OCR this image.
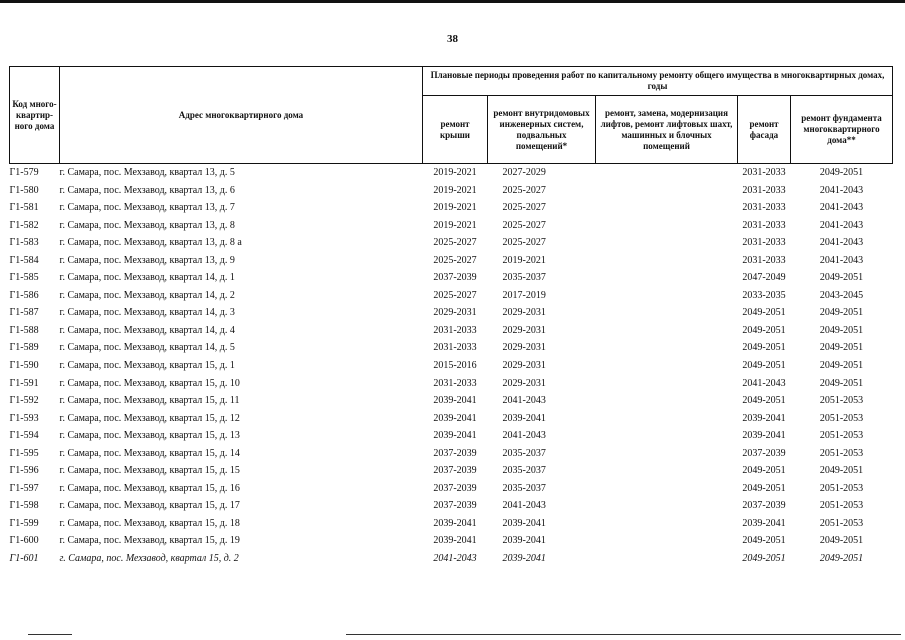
38
Код много-квартир-ного дома	Адрес многоквартирного дома	Плановые периоды проведения работ по капитальному ремонту общего имущества в многоквартирных домах, годы				
		ремонт крыши	ремонт внутридомовых инженерных систем, подвальных помещений*	ремонт, замена, модернизация лифтов, ремонт лифтовых шахт, машинных и блочных помещений	ремонт фасада	ремонт фундамента многоквартирного дома**
Г1-579	г. Самара, пос. Мехзавод, квартал 13, д. 5	2019-2021	2027-2029		2031-2033	2049-2051
Г1-580	г. Самара, пос. Мехзавод, квартал 13, д. 6	2019-2021	2025-2027		2031-2033	2041-2043
Г1-581	г. Самара, пос. Мехзавод, квартал 13, д. 7	2019-2021	2025-2027		2031-2033	2041-2043
Г1-582	г. Самара, пос. Мехзавод, квартал 13, д. 8	2019-2021	2025-2027		2031-2033	2041-2043
Г1-583	г. Самара, пос. Мехзавод, квартал 13, д. 8 а	2025-2027	2025-2027		2031-2033	2041-2043
Г1-584	г. Самара, пос. Мехзавод, квартал 13, д. 9	2025-2027	2019-2021		2031-2033	2041-2043
Г1-585	г. Самара, пос. Мехзавод, квартал 14, д. 1	2037-2039	2035-2037		2047-2049	2049-2051
Г1-586	г. Самара, пос. Мехзавод, квартал 14, д. 2	2025-2027	2017-2019		2033-2035	2043-2045
Г1-587	г. Самара, пос. Мехзавод, квартал 14, д. 3	2029-2031	2029-2031		2049-2051	2049-2051
Г1-588	г. Самара, пос. Мехзавод, квартал 14, д. 4	2031-2033	2029-2031		2049-2051	2049-2051
Г1-589	г. Самара, пос. Мехзавод, квартал 14, д. 5	2031-2033	2029-2031		2049-2051	2049-2051
Г1-590	г. Самара, пос. Мехзавод, квартал 15, д. 1	2015-2016	2029-2031		2049-2051	2049-2051
Г1-591	г. Самара, пос. Мехзавод, квартал 15, д. 10	2031-2033	2029-2031		2041-2043	2049-2051
Г1-592	г. Самара, пос. Мехзавод, квартал 15, д. 11	2039-2041	2041-2043		2049-2051	2051-2053
Г1-593	г. Самара, пос. Мехзавод, квартал 15, д. 12	2039-2041	2039-2041		2039-2041	2051-2053
Г1-594	г. Самара, пос. Мехзавод, квартал 15, д. 13	2039-2041	2041-2043		2039-2041	2051-2053
Г1-595	г. Самара, пос. Мехзавод, квартал 15, д. 14	2037-2039	2035-2037		2037-2039	2051-2053
Г1-596	г. Самара, пос. Мехзавод, квартал 15, д. 15	2037-2039	2035-2037		2049-2051	2049-2051
Г1-597	г. Самара, пос. Мехзавод, квартал 15, д. 16	2037-2039	2035-2037		2049-2051	2051-2053
Г1-598	г. Самара, пос. Мехзавод, квартал 15, д. 17	2037-2039	2041-2043		2037-2039	2051-2053
Г1-599	г. Самара, пос. Мехзавод, квартал 15, д. 18	2039-2041	2039-2041		2039-2041	2051-2053
Г1-600	г. Самара, пос. Мехзавод, квартал 15, д. 19	2039-2041	2039-2041		2049-2051	2049-2051
Г1-601	г. Самара, пос. Мехзавод, квартал 15, д. 2	2041-2043	2039-2041		2049-2051	2049-2051
